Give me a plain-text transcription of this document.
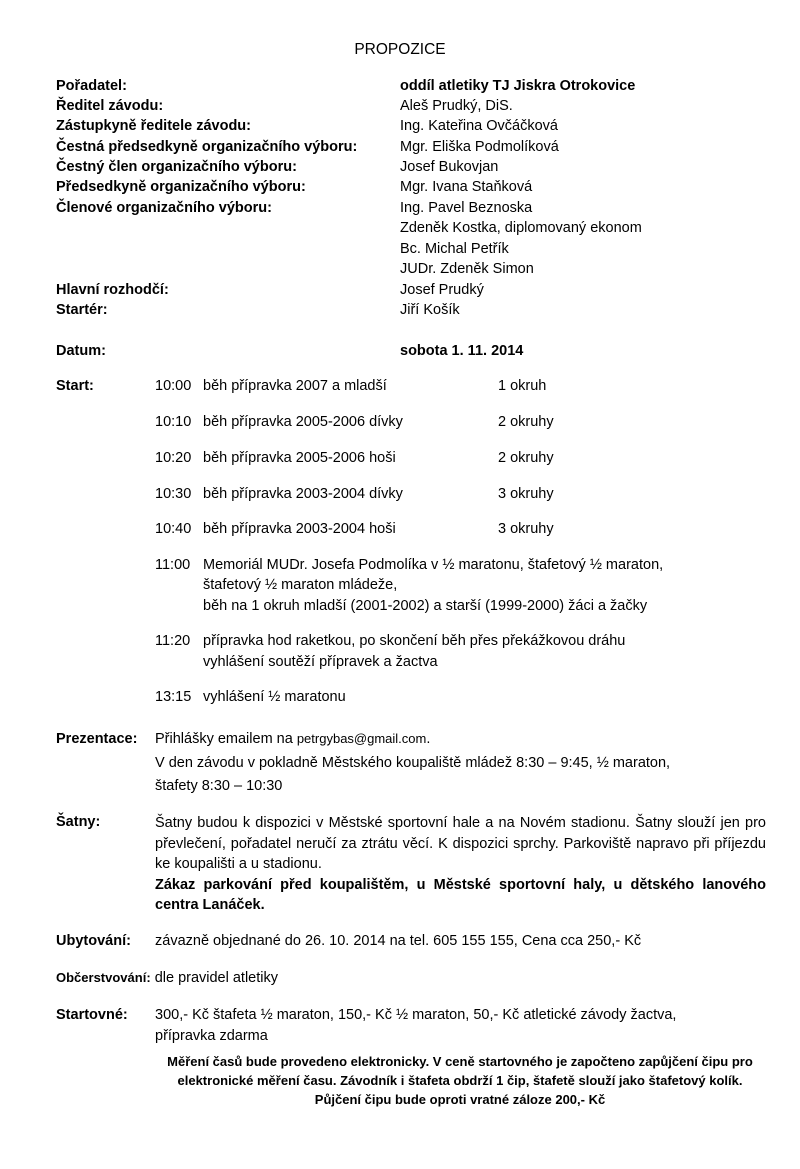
PROPOZICE
Pořadatel:	oddíl atletiky TJ Jiskra Otrokovice
Ředitel závodu:	Aleš Prudký, DiS.
Zástupkyně ředitele závodu:	Ing. Kateřina Ovčáčková
Čestná předsedkyně organizačního výboru:	Mgr. Eliška Podmolíková
Čestný člen organizačního výboru:	Josef Bukovjan
Předsedkyně organizačního výboru:	Mgr. Ivana Staňková
Členové organizačního výboru:	Ing. Pavel Beznoska
Zdeněk Kostka, diplomovaný ekonom
Bc. Michal Petřík
JUDr. Zdeněk Simon
Hlavní rozhodčí:	Josef Prudký
Startér:	Jiří Košík
Datum:	sobota 1. 11. 2014
Start:	10:00 běh přípravka 2007 a mladší	1 okruh
10:10 běh přípravka 2005-2006 dívky	2 okruhy
10:20 běh přípravka 2005-2006 hoši	2 okruhy
10:30 běh přípravka 2003-2004 dívky	3 okruhy
10:40 běh přípravka 2003-2004 hoši	3 okruhy
11:00 Memoriál MUDr. Josefa Podmolíka v ½ maratonu, štafetový ½ maraton,
štafetový ½ maraton mládeže,
běh na 1 okruh mladší (2001-2002) a starší (1999-2000) žáci a žačky
11:20 přípravka hod raketkou, po skončení běh přes překážkovou dráhu
vyhlášení soutěží přípravek a žactva
13:15 vyhlášení ½ maratonu
Prezentace: Přihlášky emailem na petrgybas@gmail.com.
V den závodu v pokladně Městského koupaliště mládež 8:30 – 9:45, ½ maraton,
štafety 8:30 – 10:30
Šatny:	Šatny budou k dispozici v Městské sportovní hale a na Novém stadionu. Šatny slouží jen pro převlečení, pořadatel neručí za ztrátu věcí. K dispozici sprchy. Parkoviště napravo při příjezdu ke koupališti a u stadionu.
Zákaz parkování před koupalištěm, u Městské sportovní haly, u dětského lanového centra Lanáček.
Ubytování: závazně objednané do 26. 10. 2014 na tel. 605 155 155, Cena cca 250,- Kč
Občerstvování: dle pravidel atletiky
Startovné: 300,- Kč štafeta ½ maraton, 150,- Kč ½ maraton, 50,- Kč atletické závody žactva,
přípravka zdarma
Měření časů bude provedeno elektronicky. V ceně startovného je započteno zapůjčení čipu pro elektronické měření času. Závodník i štafeta obdrží 1 čip, štafetě slouží jako štafetový kolík.
Půjčení čipu bude oproti vratné záloze 200,- Kč
